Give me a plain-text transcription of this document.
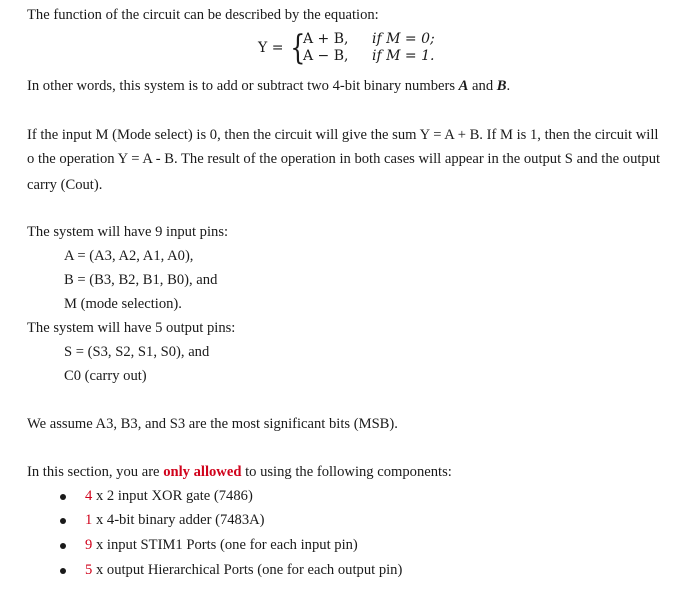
The function of the circuit can be described by the equation:
Y = {
A + B, if M = 0;
A − B, if M = 1.
In other words, this system is to add or subtract two 4-bit binary numbers A and B.
If the input M (Mode select) is 0, then the circuit will give the sum Y = A + B. If M is 1, then the circuit will
o the operation Y = A - B. The result of the operation in both cases will appear in the output S and the output
carry (Cout).
The system will have 9 input pins:
A = (A3, A2, A1, A0),
B = (B3, B2, B1, B0), and
M (mode selection).
The system will have 5 output pins:
S = (S3, S2, S1, S0), and
C0 (carry out)
We assume A3, B3, and S3 are the most significant bits (MSB).
In this section, you are only allowed to using the following components:
4 x 2 input XOR gate (7486)
1 x 4-bit binary adder (7483A)
9 x input STIM1 Ports (one for each input pin)
5 x output Hierarchical Ports (one for each output pin)
